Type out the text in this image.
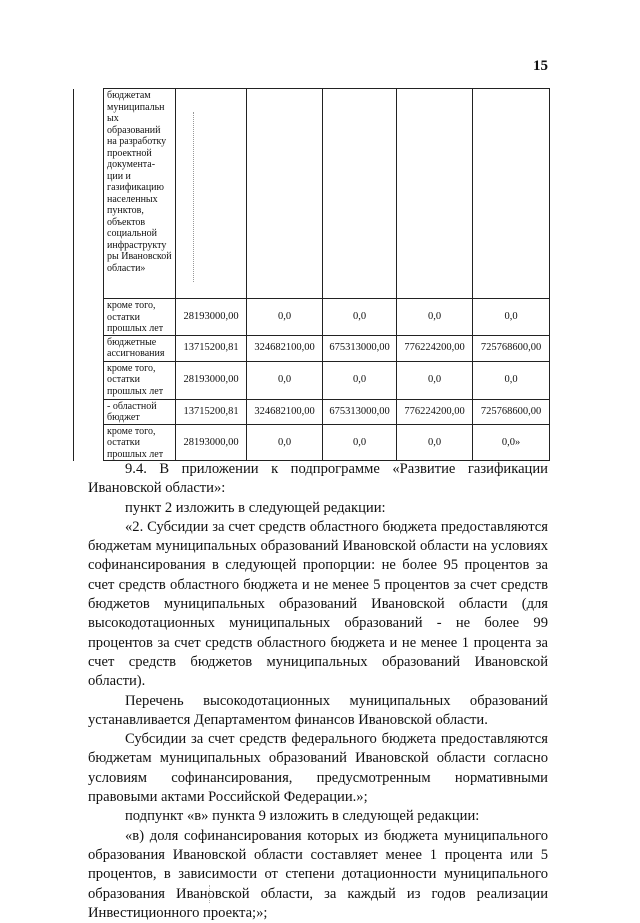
15
	бюджетам муниципальн ых образований на разработку проектной документа- ции и газификацию населенных пунктов, объектов социальной инфраструкту ры Ивановской области»	

	кроме того, остатки прошлых лет	28193000,00	0,0	0,0	0,0	0,0
	бюджетные ассигнования	13715200,81	324682100,00	675313000,00	776224200,00	725768600,00
	кроме того, остатки прошлых лет	28193000,00	0,0	0,0	0,0	0,0
	- областной бюджет	13715200,81	324682100,00	675313000,00	776224200,00	725768600,00
	кроме того, остатки прошлых лет	28193000,00	0,0	0,0	0,0	0,0»

9.4. В приложении к подпрограмме «Развитие газификации Ивановской области»:

пункт 2 изложить в следующей редакции:

«2. Субсидии за счет средств областного бюджета предоставляются бюджетам муниципальных образований Ивановской области на условиях софинансирования в следующей пропорции: не более 95 процентов за счет средств областного бюджета и не менее 5 процентов за счет средств бюджетов муниципальных образований Ивановской области (для высокодотационных муниципальных образований - не более 99 процентов за счет средств областного бюджета и не менее 1 процента за счет средств бюджетов муниципальных образований Ивановской области).

Перечень высокодотационных муниципальных образований устанавливается Департаментом финансов Ивановской области.

Субсидии за счет средств федерального бюджета предоставляются бюджетам муниципальных образований Ивановской области согласно условиям софинансирования, предусмотренным нормативными правовыми актами Российской Федерации.»;

подпункт «в» пункта 9 изложить в следующей редакции:

«в) доля софинансирования которых из бюджета муниципального образования Ивановской области составляет менее 1 процента или 5 процентов, в зависимости от степени дотационности муниципального образования Ивановской области, за каждый из годов реализации Инвестиционного проекта;»;
